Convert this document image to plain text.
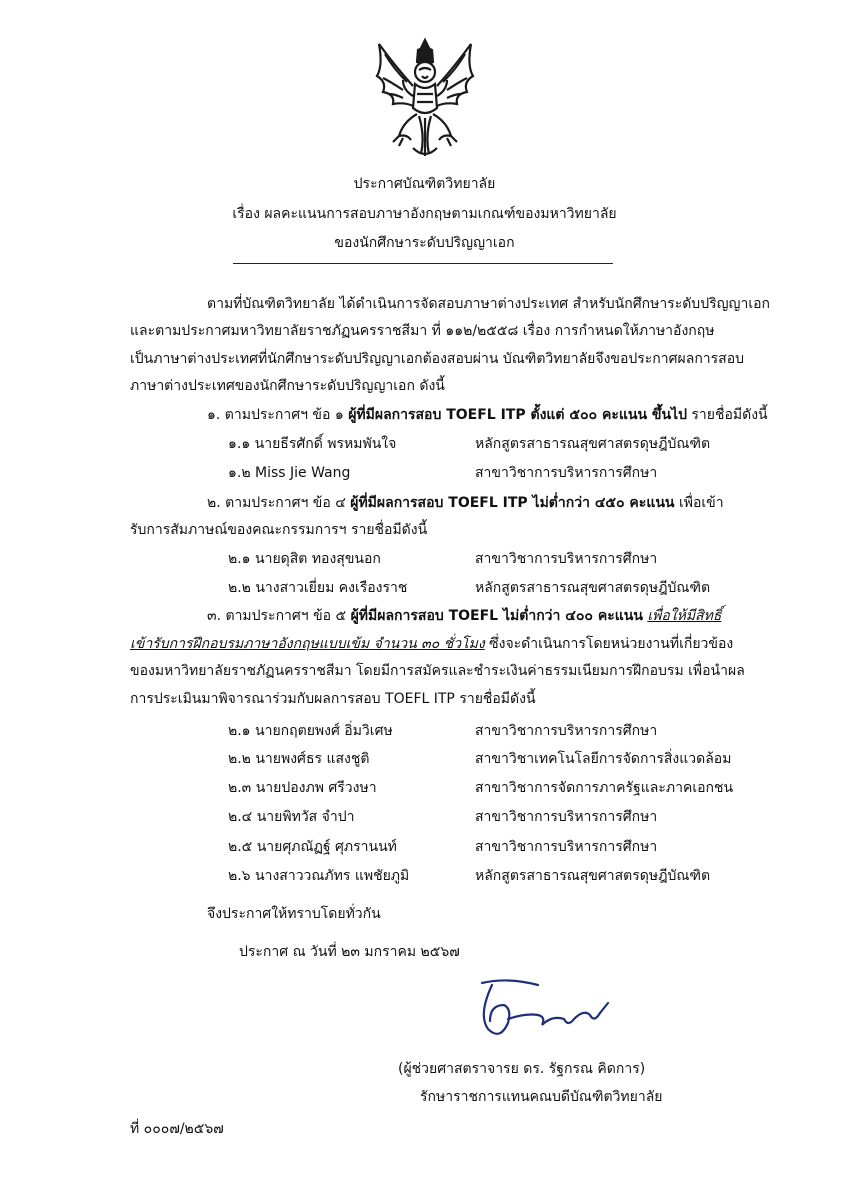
ประกาศบัณฑิตวิทยาลัย
เรื่อง ผลคะแนนการสอบภาษาอังกฤษตามเกณฑ์ของมหาวิทยาลัย
ของนักศึกษาระดับปริญญาเอก
ตามที่บัณฑิตวิทยาลัย ได้ดำเนินการจัดสอบภาษาต่างประเทศ สำหรับนักศึกษาระดับปริญญาเอก
และตามประกาศมหาวิทยาลัยราชภัฏนครราชสีมา ที่ ๑๑๒/๒๕๕๘ เรื่อง การกำหนดให้ภาษาอังกฤษ
เป็นภาษาต่างประเทศที่นักศึกษาระดับปริญญาเอกต้องสอบผ่าน บัณฑิตวิทยาลัยจึงขอประกาศผลการสอบ
ภาษาต่างประเทศของนักศึกษาระดับปริญญาเอก ดังนี้
๑. ตามประกาศฯ ข้อ ๑ ผู้ที่มีผลการสอบ TOEFL ITP ตั้งแต่ ๕๐๐ คะแนน ขึ้นไป รายชื่อมีดังนี้
๑.๑ นายธีรศักดิ์ พรหมพันใจ	หลักสูตรสาธารณสุขศาสตรดุษฎีบัณฑิต
๑.๒ Miss Jie Wang	สาขาวิชาการบริหารการศึกษา
๒. ตามประกาศฯ ข้อ ๔ ผู้ที่มีผลการสอบ TOEFL ITP ไม่ต่ำกว่า ๔๕๐ คะแนน เพื่อเข้า
รับการสัมภาษณ์ของคณะกรรมการฯ รายชื่อมีดังนี้
๒.๑ นายดุสิต ทองสุขนอก	สาขาวิชาการบริหารการศึกษา
๒.๒ นางสาวเยี่ยม คงเรืองราช	หลักสูตรสาธารณสุขศาสตรดุษฎีบัณฑิต
๓. ตามประกาศฯ ข้อ ๕ ผู้ที่มีผลการสอบ TOEFL ไม่ต่ำกว่า ๔๐๐ คะแนน เพื่อให้มีสิทธิ์
เข้ารับการฝึกอบรมภาษาอังกฤษแบบเข้ม จำนวน ๓๐ ชั่วโมง ซึ่งจะดำเนินการโดยหน่วยงานที่เกี่ยวข้อง
ของมหาวิทยาลัยราชภัฏนครราชสีมา โดยมีการสมัครและชำระเงินค่าธรรมเนียมการฝึกอบรม เพื่อนำผล
การประเมินมาพิจารณาร่วมกับผลการสอบ TOEFL ITP รายชื่อมีดังนี้
๒.๑ นายกฤตยพงศ์ อิ่มวิเศษ	สาขาวิชาการบริหารการศึกษา
๒.๒ นายพงศ์ธร แสงชูติ	สาขาวิชาเทคโนโลยีการจัดการสิ่งแวดล้อม
๒.๓ นายปองภพ ศรีวงษา	สาขาวิชาการจัดการภาครัฐและภาคเอกชน
๒.๔ นายพิทวัส จำปา	สาขาวิชาการบริหารการศึกษา
๒.๕ นายศุภณัฏฐ์ ศุภรานนท์	สาขาวิชาการบริหารการศึกษา
๒.๖ นางสาววณภัทร แพชัยภูมิ	หลักสูตรสาธารณสุขศาสตรดุษฎีบัณฑิต
จึงประกาศให้ทราบโดยทั่วกัน
ประกาศ ณ วันที่ ๒๓ มกราคม ๒๕๖๗
(ผู้ช่วยศาสตราจารย ดร. รัฐกรณ คิดการ)
รักษาราชการแทนคณบดีบัณฑิตวิทยาลัย
ที่ ๐๐๐๗/๒๕๖๗
